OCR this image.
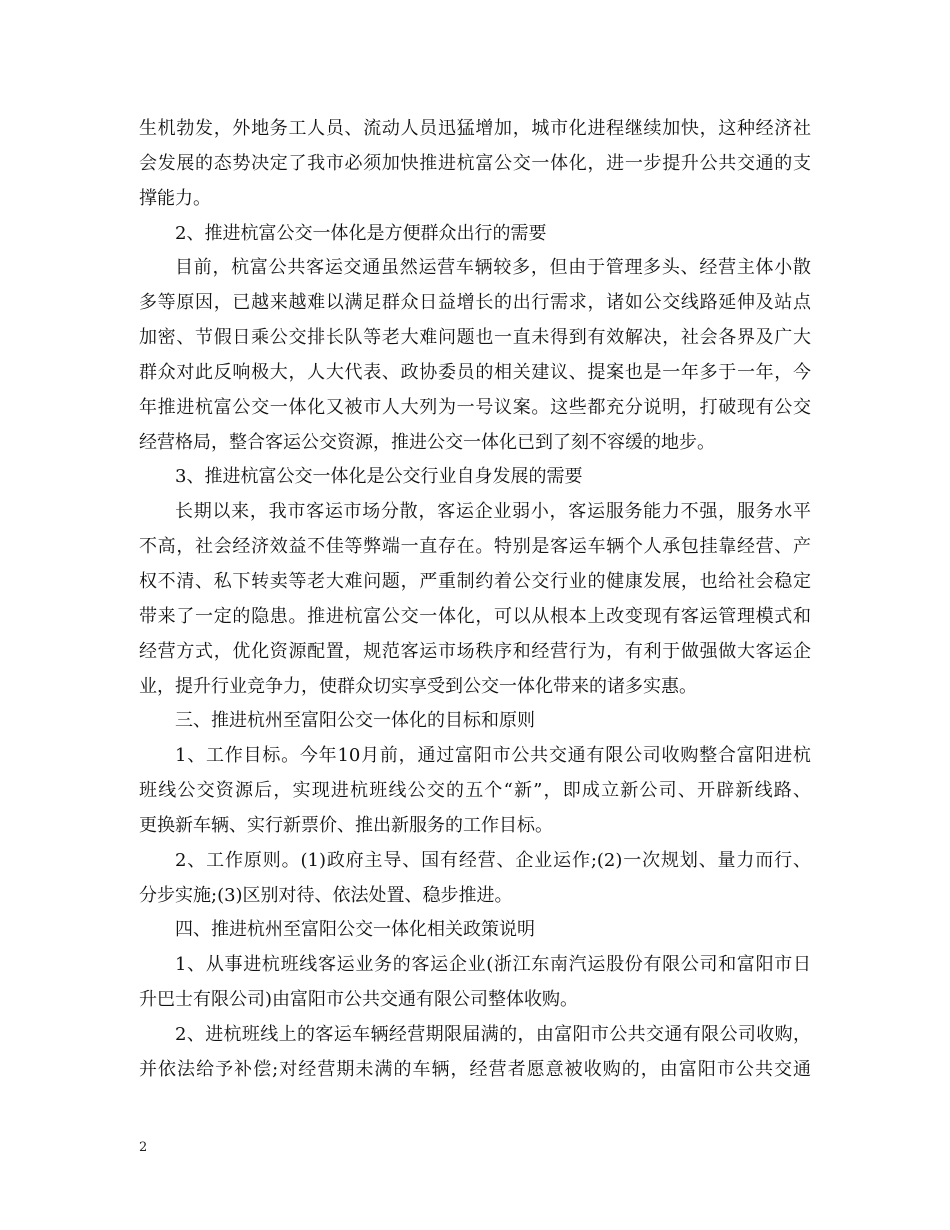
生机勃发，外地务工人员、流动人员迅猛增加，城市化进程继续加快，这种经济社
会发展的态势决定了我市必须加快推进杭富公交一体化，进一步提升公共交通的支
撑能力。
2、推进杭富公交一体化是方便群众出行的需要
目前，杭富公共客运交通虽然运营车辆较多，但由于管理多头、经营主体小散
多等原因，已越来越难以满足群众日益增长的出行需求，诸如公交线路延伸及站点
加密、节假日乘公交排长队等老大难问题也一直未得到有效解决，社会各界及广大
群众对此反响极大，人大代表、政协委员的相关建议、提案也是一年多于一年，今
年推进杭富公交一体化又被市人大列为一号议案。这些都充分说明，打破现有公交
经营格局，整合客运公交资源，推进公交一体化已到了刻不容缓的地步。
3、推进杭富公交一体化是公交行业自身发展的需要
长期以来，我市客运市场分散，客运企业弱小，客运服务能力不强，服务水平
不高，社会经济效益不佳等弊端一直存在。特别是客运车辆个人承包挂靠经营、产
权不清、私下转卖等老大难问题，严重制约着公交行业的健康发展，也给社会稳定
带来了一定的隐患。推进杭富公交一体化，可以从根本上改变现有客运管理模式和
经营方式，优化资源配置，规范客运市场秩序和经营行为，有利于做强做大客运企
业，提升行业竞争力，使群众切实享受到公交一体化带来的诸多实惠。
三、推进杭州至富阳公交一体化的目标和原则
1、工作目标。今年10月前，通过富阳市公共交通有限公司收购整合富阳进杭
班线公交资源后，实现进杭班线公交的五个“新”，即成立新公司、开辟新线路、
更换新车辆、实行新票价、推出新服务的工作目标。
2、工作原则。(1)政府主导、国有经营、企业运作;(2)一次规划、量力而行、
分步实施;(3)区别对待、依法处置、稳步推进。
四、推进杭州至富阳公交一体化相关政策说明
1、从事进杭班线客运业务的客运企业(浙江东南汽运股份有限公司和富阳市日
升巴士有限公司)由富阳市公共交通有限公司整体收购。
2、进杭班线上的客运车辆经营期限届满的，由富阳市公共交通有限公司收购，
并依法给予补偿;对经营期未满的车辆，经营者愿意被收购的，由富阳市公共交通
2
